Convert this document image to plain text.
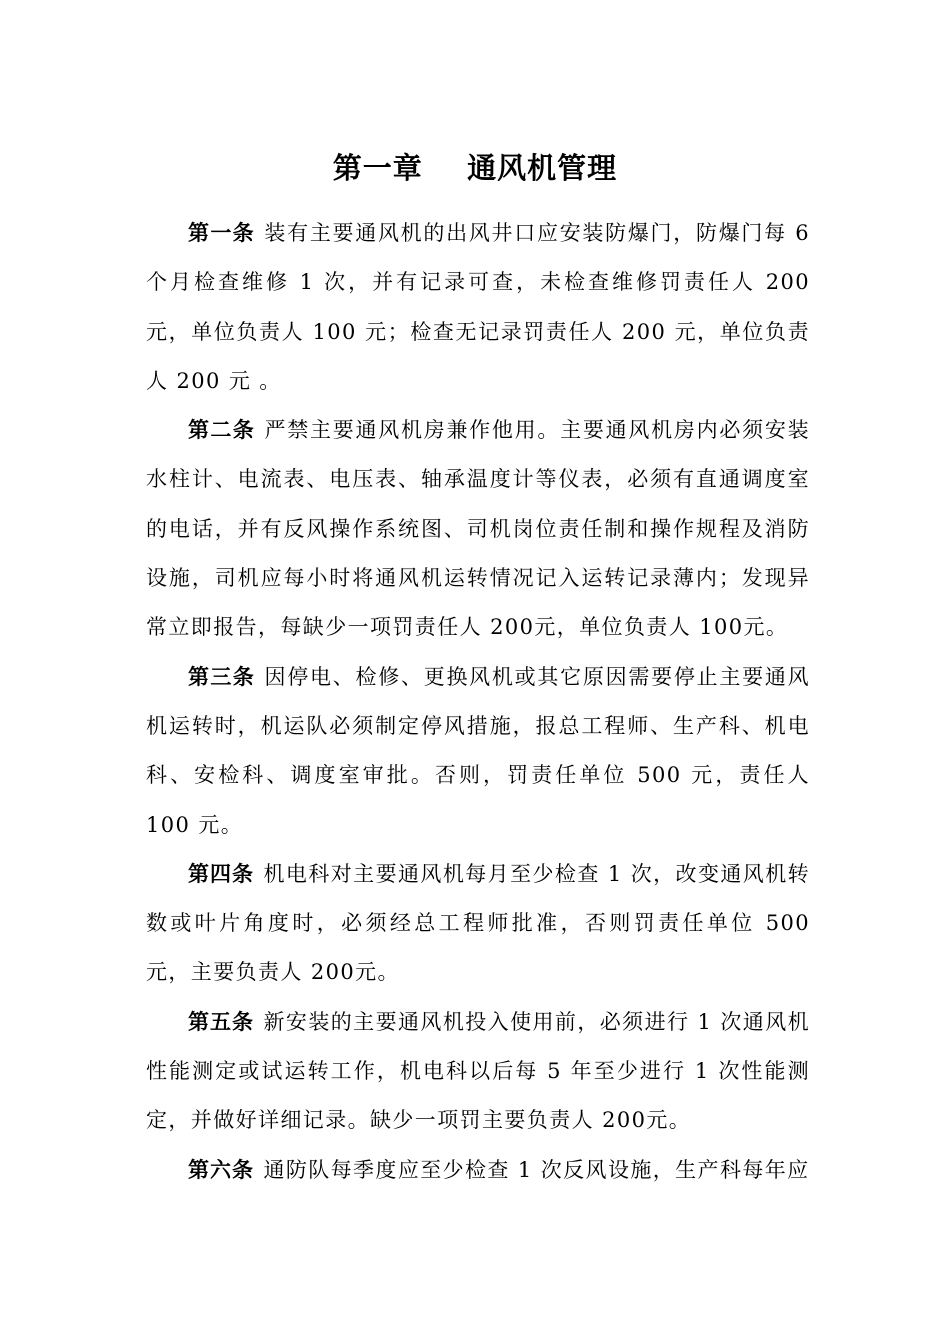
第一章    通风机管理

第一条 装有主要通风机的出风井口应安装防爆门，防爆门每 6 个月检查维修 1 次，并有记录可查，未检查维修罚责任人 200 元，单位负责人 100 元；检查无记录罚责任人 200 元，单位负责人 200 元 。

第二条 严禁主要通风机房兼作他用。主要通风机房内必须安装水柱计、电流表、电压表、轴承温度计等仪表，必须有直通调度室的电话，并有反风操作系统图、司机岗位责任制和操作规程及消防设施，司机应每小时将通风机运转情况记入运转记录薄内；发现异常立即报告，每缺少一项罚责任人 200元，单位负责人 100元。

第三条 因停电、检修、更换风机或其它原因需要停止主要通风机运转时，机运队必须制定停风措施，报总工程师、生产科、机电科、安检科、调度室审批。否则，罚责任单位 500 元，责任人 100 元。

第四条 机电科对主要通风机每月至少检查 1 次，改变通风机转数或叶片角度时，必须经总工程师批准，否则罚责任单位 500 元，主要负责人 200元。

第五条 新安装的主要通风机投入使用前，必须进行 1 次通风机性能测定或试运转工作，机电科以后每 5 年至少进行 1 次性能测定，并做好详细记录。缺少一项罚主要负责人 200元。

第六条 通防队每季度应至少检查 1 次反风设施，生产科每年应
